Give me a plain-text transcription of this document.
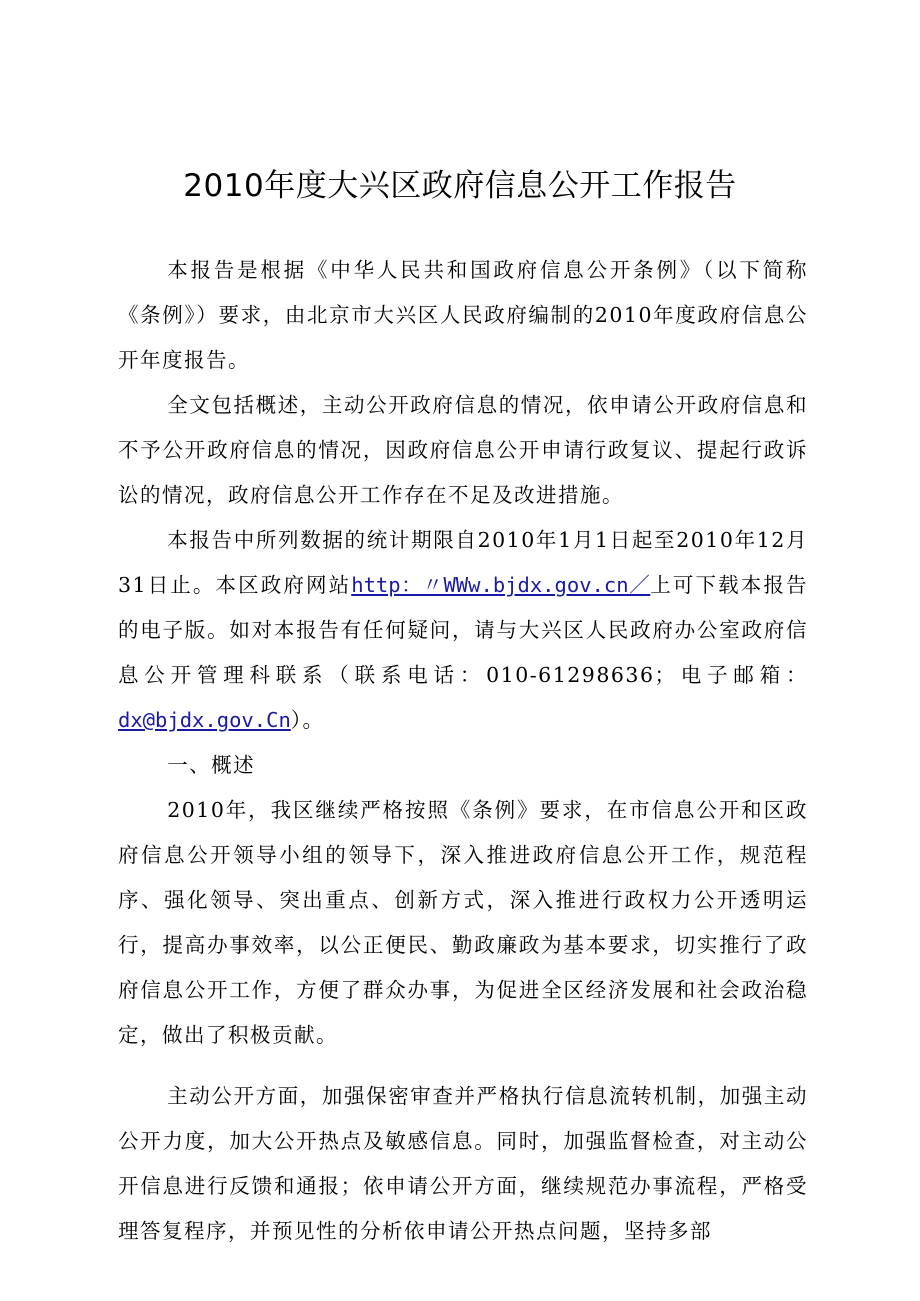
2010年度大兴区政府信息公开工作报告

本报告是根据《中华人民共和国政府信息公开条例》（以下简称《条例》）要求，由北京市大兴区人民政府编制的2010年度政府信息公开年度报告。

全文包括概述，主动公开政府信息的情况，依申请公开政府信息和不予公开政府信息的情况，因政府信息公开申请行政复议、提起行政诉讼的情况，政府信息公开工作存在不足及改进措施。

本报告中所列数据的统计期限自2010年1月1日起至2010年12月31日止。本区政府网站http：〃WWw.bjdx.gov.cn／上可下载本报告的电子版。如对本报告有任何疑问，请与大兴区人民政府办公室政府信息公开管理科联系（联系电话：010-61298636；电子邮箱：dx@bjdx.gov.Cn）。

一、概述

2010年，我区继续严格按照《条例》要求，在市信息公开和区政府信息公开领导小组的领导下，深入推进政府信息公开工作，规范程序、强化领导、突出重点、创新方式，深入推进行政权力公开透明运行，提高办事效率，以公正便民、勤政廉政为基本要求，切实推行了政府信息公开工作，方便了群众办事，为促进全区经济发展和社会政治稳定，做出了积极贡献。

主动公开方面，加强保密审查并严格执行信息流转机制，加强主动公开力度，加大公开热点及敏感信息。同时，加强监督检查，对主动公开信息进行反馈和通报；依申请公开方面，继续规范办事流程，严格受理答复程序，并预见性的分析依申请公开热点问题，坚持多部
